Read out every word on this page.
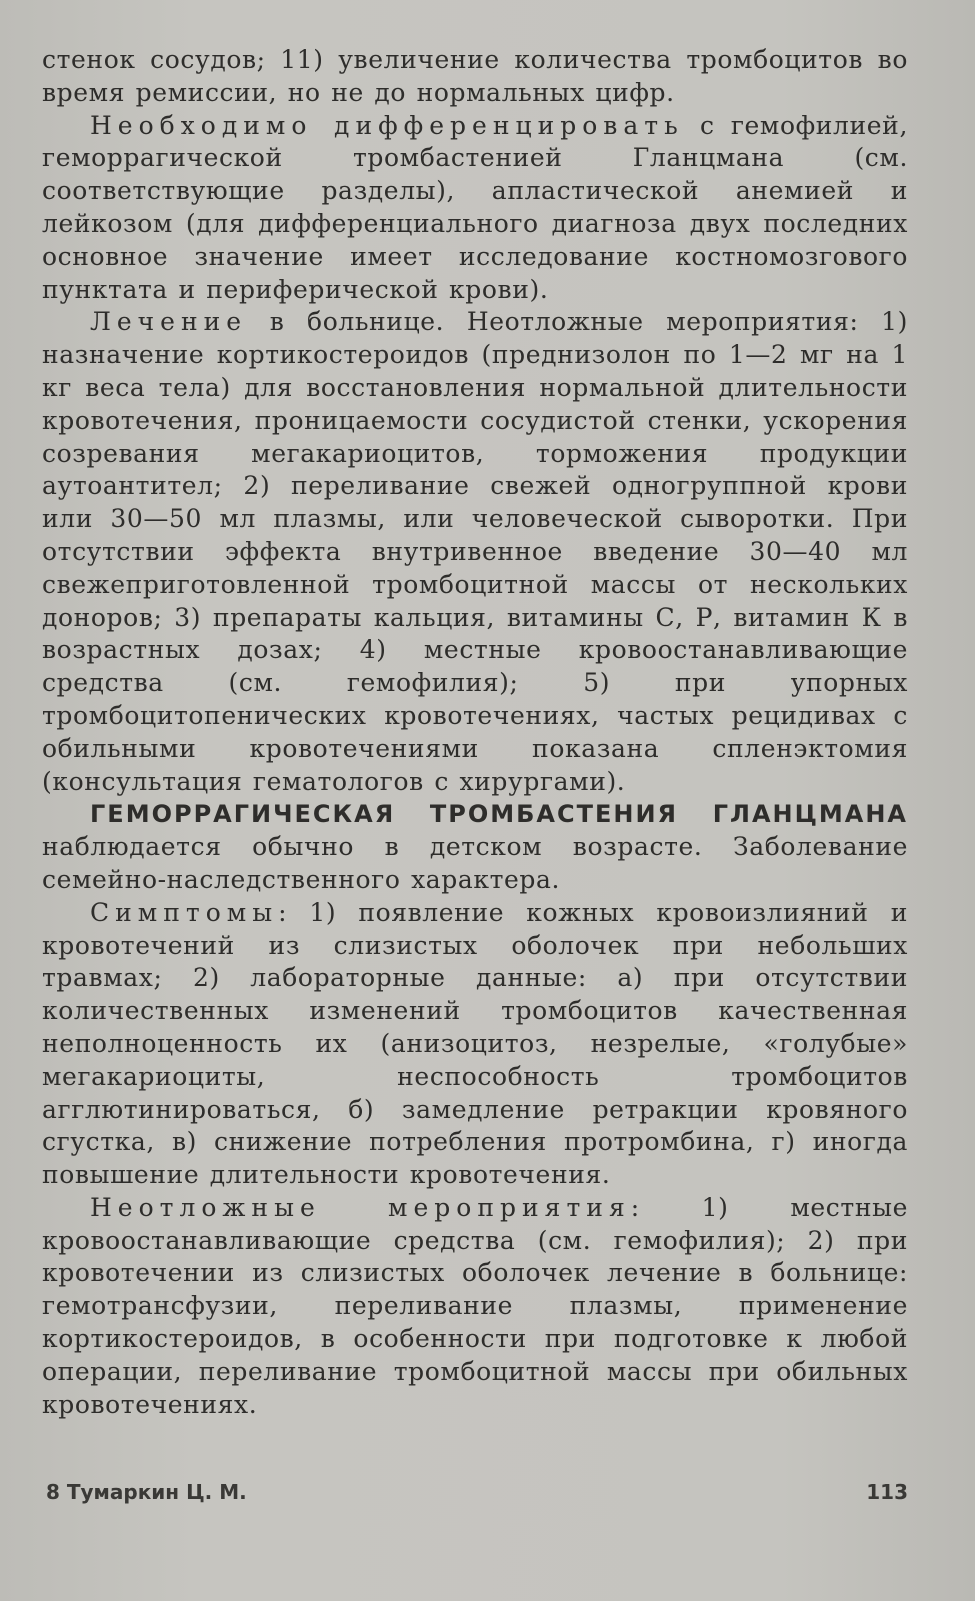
стенок сосудов; 11) увеличение количества тромбоцитов во время ремиссии, но не до нормальных цифр.

Необходимо дифференцировать с гемофилией, геморрагической тромбастенией Гланцмана (см. соответствующие разделы), апластической анемией и лейкозом (для дифференциального диагноза двух последних основное значение имеет исследование костномозгового пунктата и периферической крови).

Лечение в больнице. Неотложные мероприятия: 1) назначение кортикостероидов (преднизолон по 1—2 мг на 1 кг веса тела) для восстановления нормальной длительности кровотечения, проницаемости сосудистой стенки, ускорения созревания мегакариоцитов, торможения продукции аутоантител; 2) переливание свежей одногруппной крови или 30—50 мл плазмы, или человеческой сыворотки. При отсутствии эффекта внутривенное введение 30—40 мл свежеприготовленной тромбоцитной массы от нескольких доноров; 3) препараты кальция, витамины С, Р, витамин К в возрастных дозах; 4) местные кровоостанавливающие средства (см. гемофилия); 5) при упорных тромбоцитопенических кровотечениях, частых рецидивах с обильными кровотечениями показана спленэктомия (консультация гематологов с хирургами).

ГЕМОРРАГИЧЕСКАЯ ТРОМБАСТЕНИЯ ГЛАНЦМАНА наблюдается обычно в детском возрасте. Заболевание семейно-наследственного характера.

Симптомы: 1) появление кожных кровоизлияний и кровотечений из слизистых оболочек при небольших травмах; 2) лабораторные данные: а) при отсутствии количественных изменений тромбоцитов качественная неполноценность их (анизоцитоз, незрелые, «голубые» мегакариоциты, неспособность тромбоцитов агглютинироваться, б) замедление ретракции кровяного сгустка, в) снижение потребления протромбина, г) иногда повышение длительности кровотечения.

Неотложные мероприятия: 1) местные кровоостанавливающие средства (см. гемофилия); 2) при кровотечении из слизистых оболочек лечение в больнице: гемотрансфузии, переливание плазмы, применение кортикостероидов, в особенности при подготовке к любой операции, переливание тромбоцитной массы при обильных кровотечениях.

8 Тумаркин Ц. М.	113
